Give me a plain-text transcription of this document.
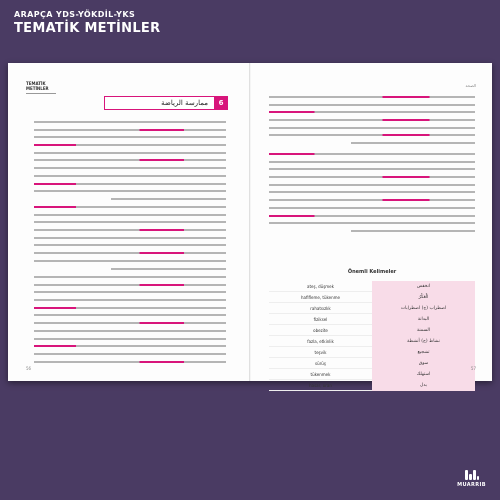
ARAPÇA YDS-YÖKDİL-YKS
TEMATİK METİNLER
TEMATİK
METİNLER
ممارسة الرياضة	6
56
الصحة
Önemli Kelimeler
ateş, düşmek	انخفض
hafifleme, tükenme	الْعَكْرُ
rahatsızlık	اضطراب (ج) اضطرابات
fiziksel	البدانة
obezite	السمنة
fazla, etkinlik	نشاط (ج) أنشطة
teşvik	تشجيع
sürüş	سوق
tükenmek	استهلك
hasar, oran	بدل
57
MUARRIB
